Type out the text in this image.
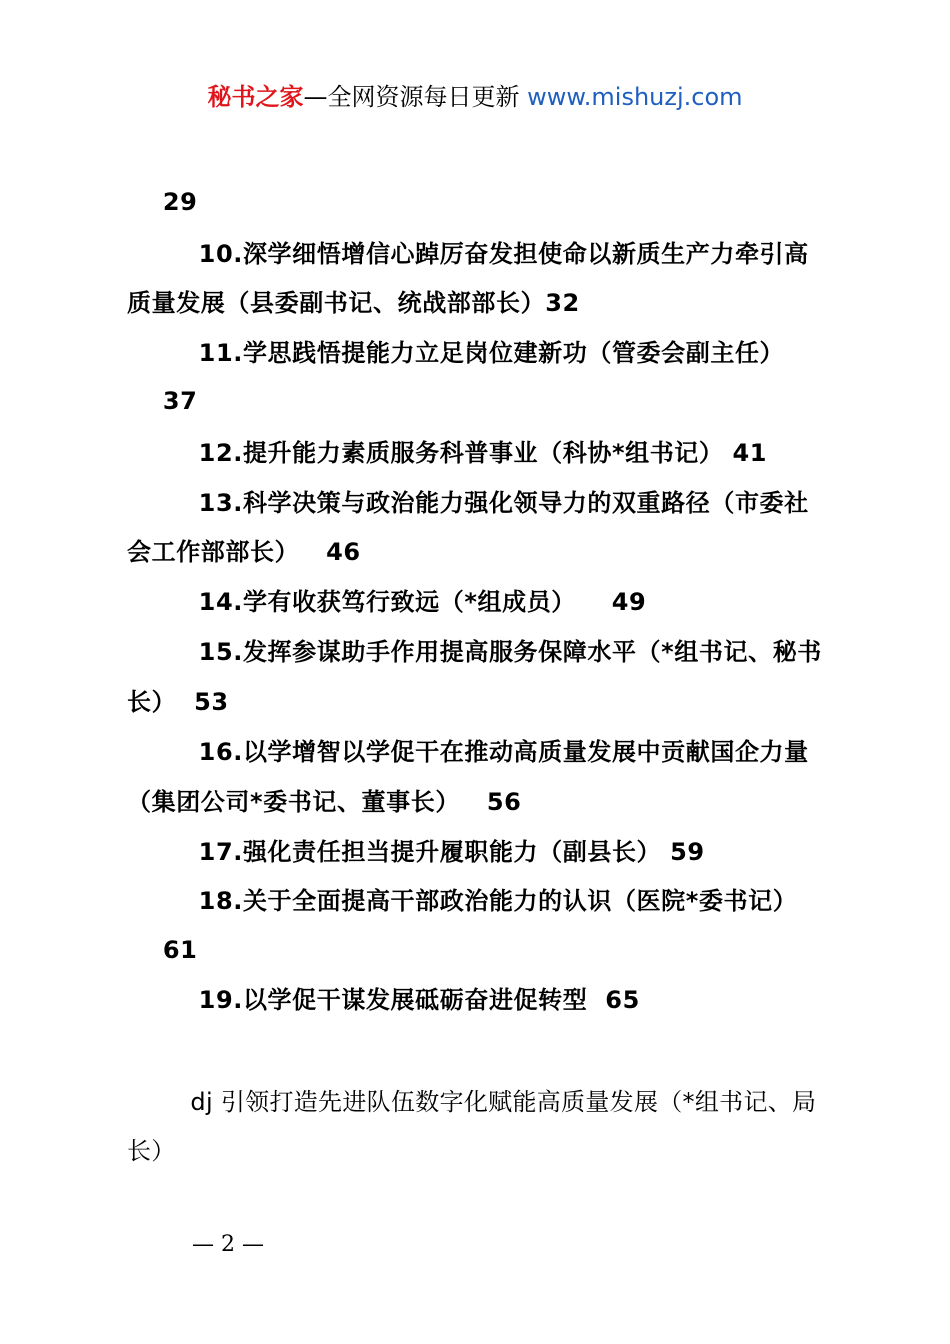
秘书之家—全网资源每日更新 www.mishuzj.com
29
10.深学细悟增信心踔厉奋发担使命以新质生产力牵引高
质量发展（县委副书记、统战部部长）32
11.学思践悟提能力立足岗位建新功（管委会副主任）
37
12.提升能力素质服务科普事业（科协*组书记） 41
13.科学决策与政治能力强化领导力的双重路径（市委社
会工作部部长）   46
14.学有收获笃行致远（*组成员）    49
15.发挥参谋助手作用提高服务保障水平（*组书记、秘书
长）  53
16.以学增智以学促干在推动高质量发展中贡献国企力量
（集团公司*委书记、董事长）   56
17.强化责任担当提升履职能力（副县长） 59
18.关于全面提高干部政治能力的认识（医院*委书记）
61
19.以学促干谋发展砥砺奋进促转型  65
dj 引领打造先进队伍数字化赋能高质量发展（*组书记、局
长）
— 2 —
